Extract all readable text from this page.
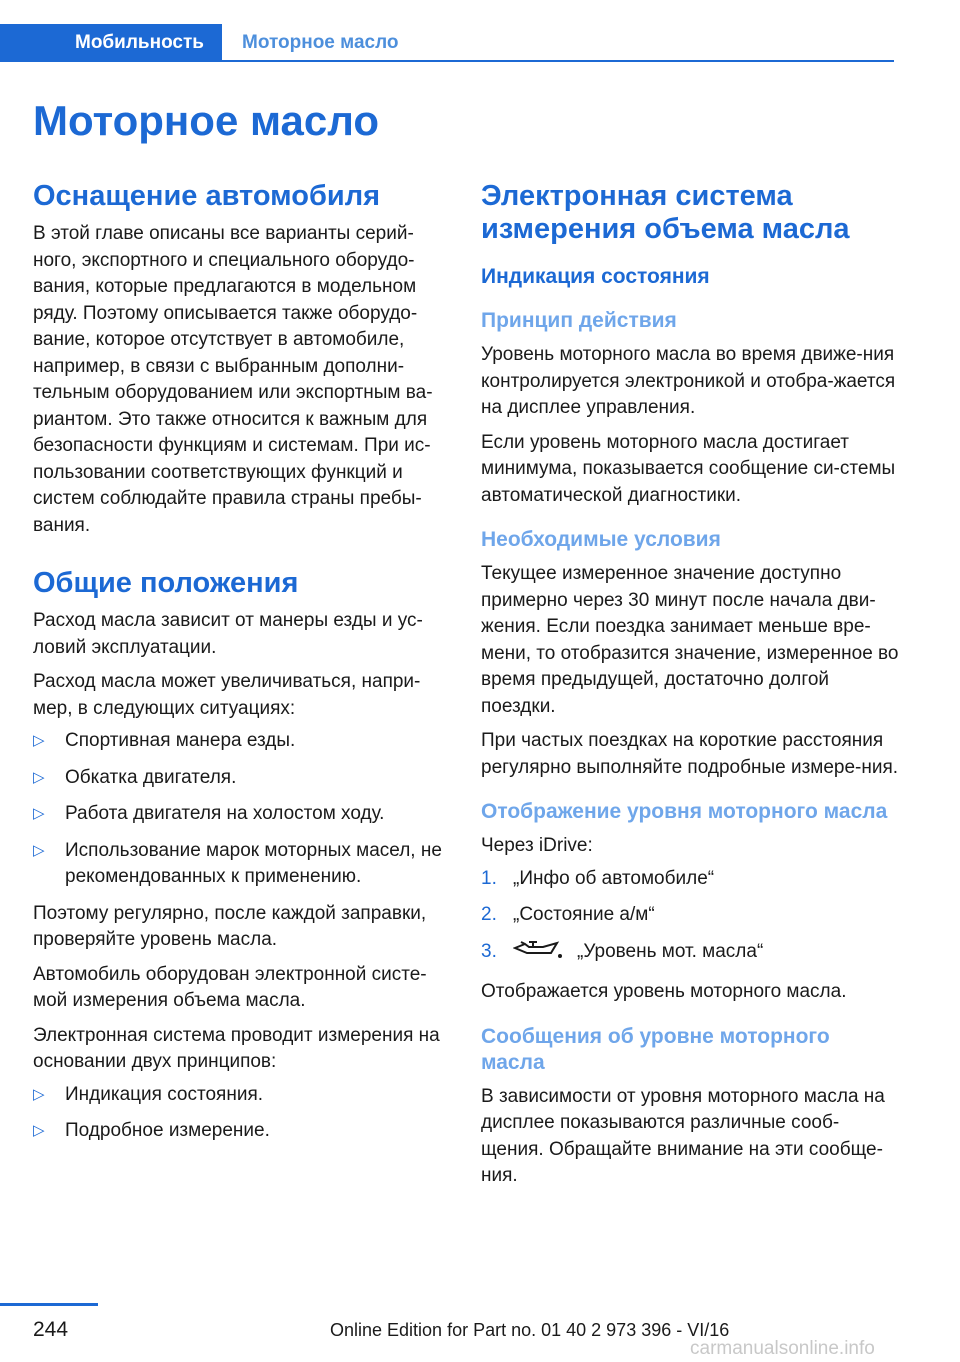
Мобильность	Моторное масло
Моторное масло
Оснащение автомобиля

В этой главе описаны все варианты серий-ного, экспортного и специального оборудо-вания, которые предлагаются в модельном ряду. Поэтому описывается также оборудо-вание, которое отсутствует в автомобиле, например, в связи с выбранным дополни-тельным оборудованием или экспортным ва-риантом. Это также относится к важным для безопасности функциям и системам. При ис-пользовании соответствующих функций и систем соблюдайте правила страны пребы-вания.

Общие положения

Расход масла зависит от манеры езды и ус-ловий эксплуатации.

Расход масла может увеличиваться, напри-мер, в следующих ситуациях:

▷ Спортивная манера езды.
▷ Обкатка двигателя.
▷ Работа двигателя на холостом ходу.
▷ Использование марок моторных масел, не рекомендованных к применению.

Поэтому регулярно, после каждой заправки, проверяйте уровень масла.

Автомобиль оборудован электронной систе-мой измерения объема масла.

Электронная система проводит измерения на основании двух принципов:

▷ Индикация состояния.
▷ Подробное измерение.
Электронная система измерения объема масла
Индикация состояния
Принцип действия

Уровень моторного масла во время движе-ния контролируется электроникой и отобра-жается на дисплее управления.

Если уровень моторного масла достигает минимума, показывается сообщение си-стемы автоматической диагностики.

Необходимые условия

Текущее измеренное значение доступно примерно через 30 минут после начала дви-жения. Если поездка занимает меньше вре-мени, то отобразится значение, измеренное во время предыдущей, достаточно долгой поездки.

При частых поездках на короткие расстояния регулярно выполняйте подробные измере-ния.

Отображение уровня моторного масла

Через iDrive:

1. „Инфо об автомобиле“
2. „Состояние а/м“
3.	„Уровень мот. масла“

Отображается уровень моторного масла.

Сообщения об уровне моторного масла

В зависимости от уровня моторного масла на дисплее показываются различные сооб-щения. Обращайте внимание на эти сообще-ния.

244	Online Edition for Part no. 01 40 2 973 396 - VI/16
carmanualsonline.info
